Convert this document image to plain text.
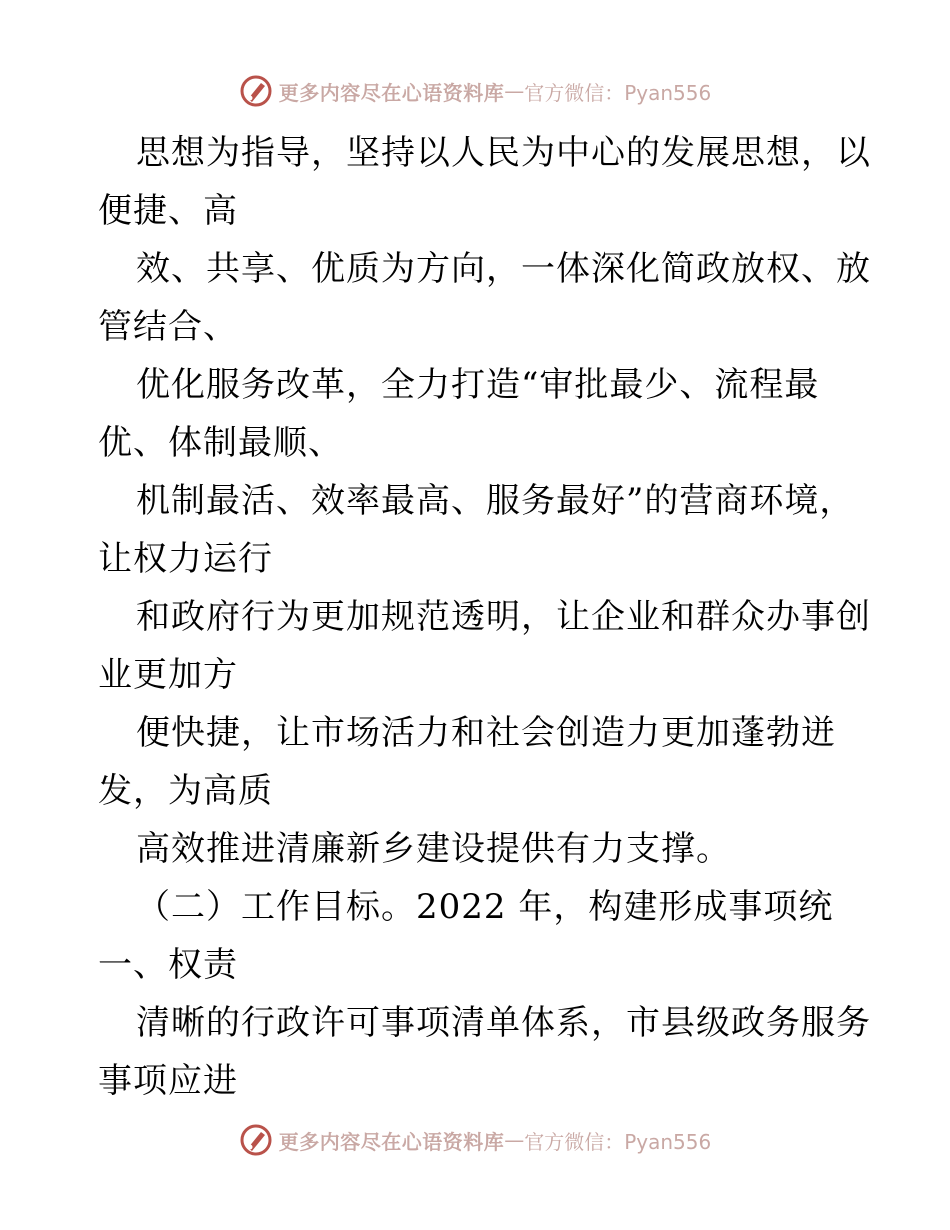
更多内容尽在心语资料库 — 官方微信：Pyan556
思想为指导，坚持以人民为中心的发展思想，以
便捷、高
效、共享、优质为方向，一体深化简政放权、放
管结合、
优化服务改革，全力打造“审批最少、流程最
优、体制最顺、
机制最活、效率最高、服务最好”的营商环境，
让权力运行
和政府行为更加规范透明，让企业和群众办事创
业更加方
便快捷，让市场活力和社会创造力更加蓬勃迸
发，为高质
高效推进清廉新乡建设提供有力支撑。
（二）工作目标。2022 年，构建形成事项统
一、权责
清晰的行政许可事项清单体系，市县级政务服务
事项应进
更多内容尽在心语资料库 — 官方微信：Pyan556
